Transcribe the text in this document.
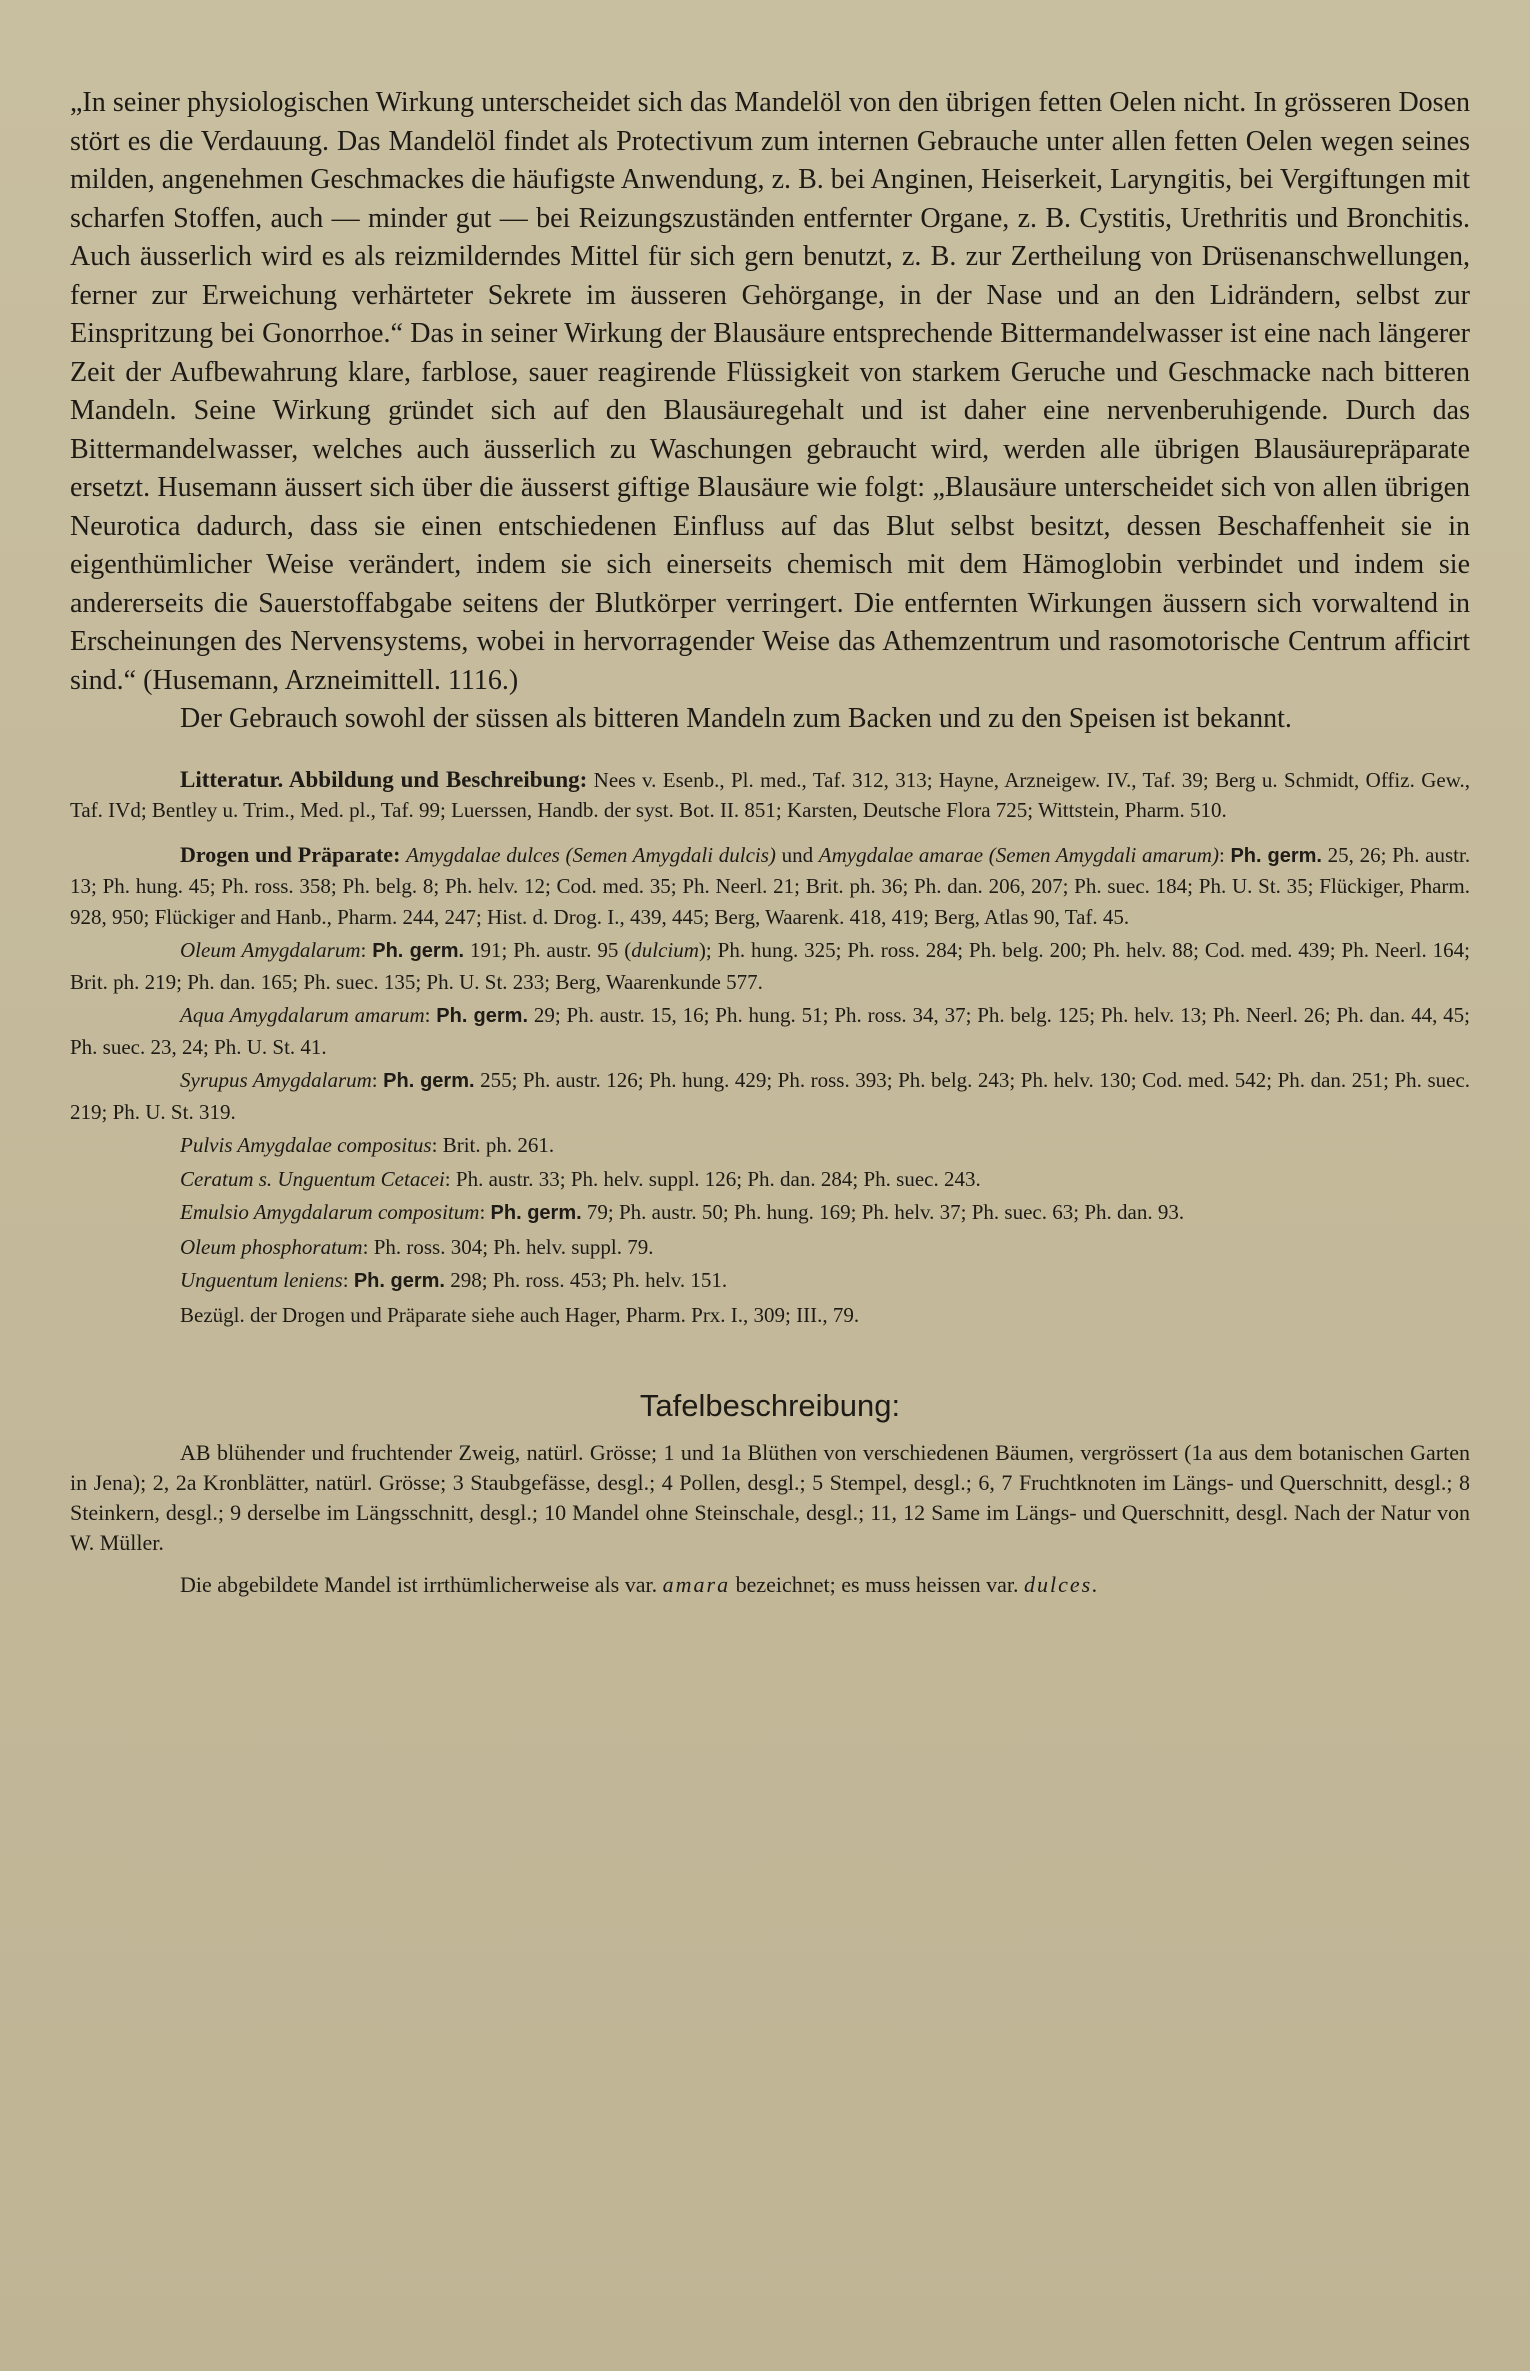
„In seiner physiologischen Wirkung unterscheidet sich das Mandelöl von den übrigen fetten Oelen nicht. In grösseren Dosen stört es die Verdauung. Das Mandelöl findet als Protectivum zum internen Gebrauche unter allen fetten Oelen wegen seines milden, angenehmen Geschmackes die häufigste Anwendung, z. B. bei Anginen, Heiserkeit, Laryngitis, bei Vergiftungen mit scharfen Stoffen, auch — minder gut — bei Reizungszuständen entfernter Organe, z. B. Cystitis, Urethritis und Bronchitis. Auch äusserlich wird es als reizmilderndes Mittel für sich gern benutzt, z. B. zur Zertheilung von Drüsenanschwellungen, ferner zur Erweichung verhärteter Sekrete im äusseren Gehörgange, in der Nase und an den Lidrändern, selbst zur Einspritzung bei Gonorrhoe.“ Das in seiner Wirkung der Blausäure entsprechende Bittermandelwasser ist eine nach längerer Zeit der Aufbewahrung klare, farblose, sauer reagirende Flüssigkeit von starkem Geruche und Geschmacke nach bitteren Mandeln. Seine Wirkung gründet sich auf den Blausäuregehalt und ist daher eine nervenberuhigende. Durch das Bittermandelwasser, welches auch äusserlich zu Waschungen gebraucht wird, werden alle übrigen Blausäurepräparate ersetzt. Husemann äussert sich über die äusserst giftige Blausäure wie folgt: „Blausäure unterscheidet sich von allen übrigen Neurotica dadurch, dass sie einen entschiedenen Einfluss auf das Blut selbst besitzt, dessen Beschaffenheit sie in eigenthümlicher Weise verändert, indem sie sich einerseits chemisch mit dem Hämoglobin verbindet und indem sie andererseits die Sauerstoffabgabe seitens der Blutkörper verringert. Die entfernten Wirkungen äussern sich vorwaltend in Erscheinungen des Nervensystems, wobei in hervorragender Weise das Athemzentrum und rasomotorische Centrum afficirt sind.“ (Husemann, Arzneimittell. 1116.)

Der Gebrauch sowohl der süssen als bitteren Mandeln zum Backen und zu den Speisen ist bekannt.

Litteratur. Abbildung und Beschreibung: Nees v. Esenb., Pl. med., Taf. 312, 313; Hayne, Arzneigew. IV., Taf. 39; Berg u. Schmidt, Offiz. Gew., Taf. IVd; Bentley u. Trim., Med. pl., Taf. 99; Luerssen, Handb. der syst. Bot. II. 851; Karsten, Deutsche Flora 725; Wittstein, Pharm. 510.

Drogen und Präparate: Amygdalae dulces (Semen Amygdali dulcis) und Amygdalae amarae (Semen Amygdali amarum): Ph. germ. 25, 26; Ph. austr. 13; Ph. hung. 45; Ph. ross. 358; Ph. belg. 8; Ph. helv. 12; Cod. med. 35; Ph. Neerl. 21; Brit. ph. 36; Ph. dan. 206, 207; Ph. suec. 184; Ph. U. St. 35; Flückiger, Pharm. 928, 950; Flückiger and Hanb., Pharm. 244, 247; Hist. d. Drog. I., 439, 445; Berg, Waarenk. 418, 419; Berg, Atlas 90, Taf. 45.

Oleum Amygdalarum: Ph. germ. 191; Ph. austr. 95 (dulcium); Ph. hung. 325; Ph. ross. 284; Ph. belg. 200; Ph. helv. 88; Cod. med. 439; Ph. Neerl. 164; Brit. ph. 219; Ph. dan. 165; Ph. suec. 135; Ph. U. St. 233; Berg, Waarenkunde 577.

Aqua Amygdalarum amarum: Ph. germ. 29; Ph. austr. 15, 16; Ph. hung. 51; Ph. ross. 34, 37; Ph. belg. 125; Ph. helv. 13; Ph. Neerl. 26; Ph. dan. 44, 45; Ph. suec. 23, 24; Ph. U. St. 41.

Syrupus Amygdalarum: Ph. germ. 255; Ph. austr. 126; Ph. hung. 429; Ph. ross. 393; Ph. belg. 243; Ph. helv. 130; Cod. med. 542; Ph. dan. 251; Ph. suec. 219; Ph. U. St. 319.

Pulvis Amygdalae compositus: Brit. ph. 261.

Ceratum s. Unguentum Cetacei: Ph. austr. 33; Ph. helv. suppl. 126; Ph. dan. 284; Ph. suec. 243.

Emulsio Amygdalarum compositum: Ph. germ. 79; Ph. austr. 50; Ph. hung. 169; Ph. helv. 37; Ph. suec. 63; Ph. dan. 93.

Oleum phosphoratum: Ph. ross. 304; Ph. helv. suppl. 79.

Unguentum leniens: Ph. germ. 298; Ph. ross. 453; Ph. helv. 151.

Bezügl. der Drogen und Präparate siehe auch Hager, Pharm. Prx. I., 309; III., 79.

Tafelbeschreibung:

AB blühender und fruchtender Zweig, natürl. Grösse; 1 und 1a Blüthen von verschiedenen Bäumen, vergrössert (1a aus dem botanischen Garten in Jena); 2, 2a Kronblätter, natürl. Grösse; 3 Staubgefässe, desgl.; 4 Pollen, desgl.; 5 Stempel, desgl.; 6, 7 Fruchtknoten im Längs- und Querschnitt, desgl.; 8 Steinkern, desgl.; 9 derselbe im Längsschnitt, desgl.; 10 Mandel ohne Steinschale, desgl.; 11, 12 Same im Längs- und Querschnitt, desgl. Nach der Natur von W. Müller.

Die abgebildete Mandel ist irrthümlicherweise als var. amara bezeichnet; es muss heissen var. dulces.
